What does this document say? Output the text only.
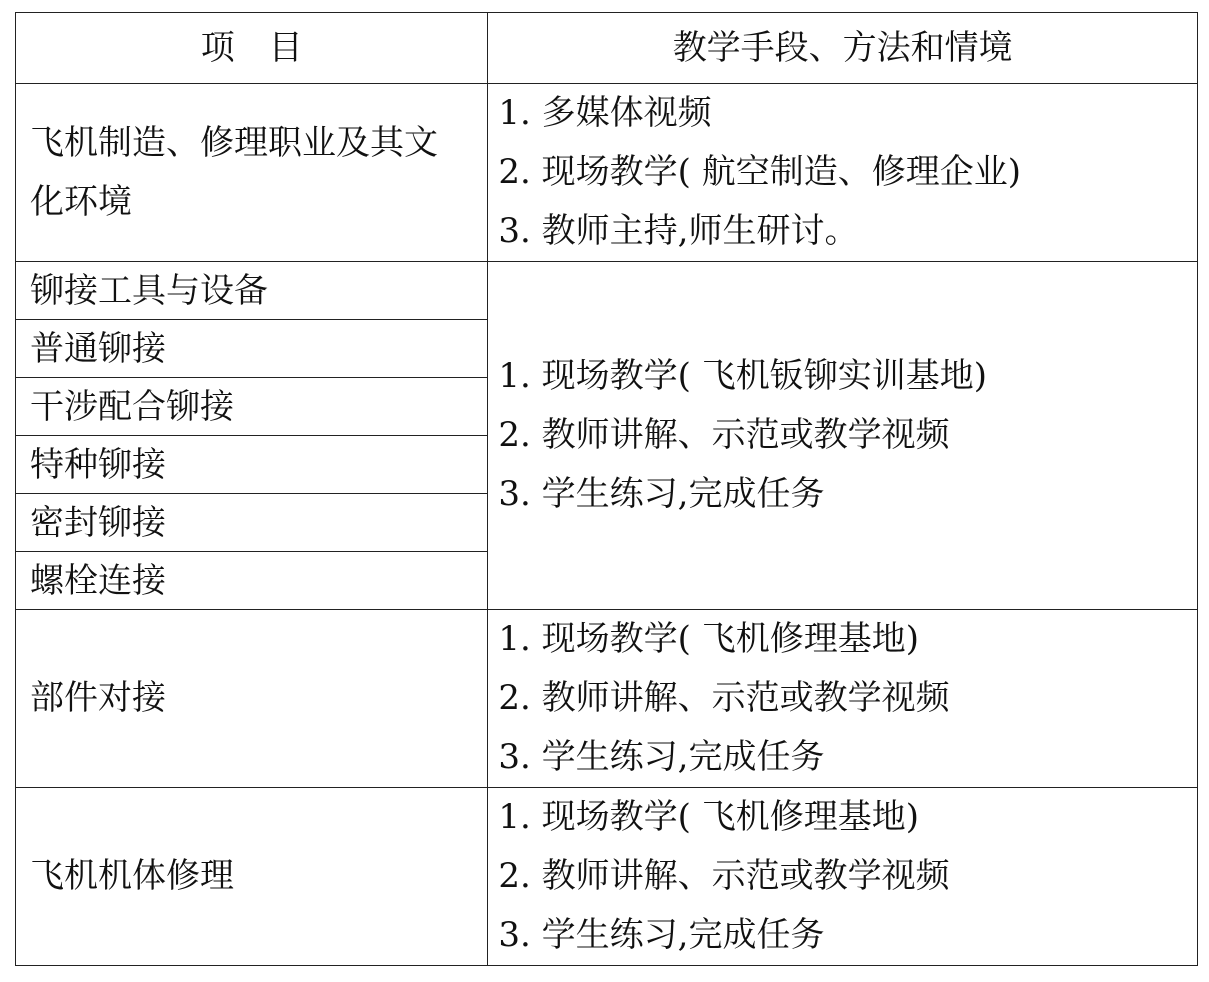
项　目	教学手段、方法和情境

飞机制造、修理职业及其文
化环境	1. 多媒体视频
2. 现场教学( 航空制造、修理企业)
3. 教师主持,师生研讨。

铆接工具与设备	1. 现场教学( 飞机钣铆实训基地)
2. 教师讲解、示范或教学视频
3. 学生练习,完成任务

普通铆接	
干涉配合铆接	
特种铆接	
密封铆接	
螺栓连接	
部件对接	1. 现场教学( 飞机修理基地)
2. 教师讲解、示范或教学视频
3. 学生练习,完成任务

飞机机体修理	1. 现场教学( 飞机修理基地)
2. 教师讲解、示范或教学视频
3. 学生练习,完成任务
